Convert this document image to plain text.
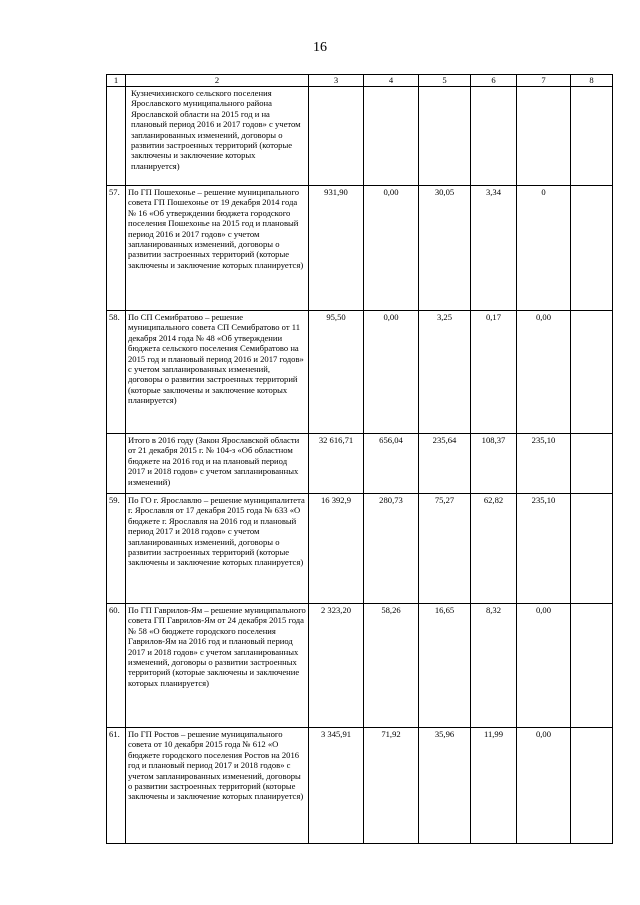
16
1	2	3	4	5	6	7	8
	Кузнечихинского сельского поселения Ярославского муниципального района Ярославской области на 2015 год и на плановый период 2016 и 2017 годов» с учетом запланированных изменений, договоры о развитии застроенных территорий (которые заключены и заключение которых планируется)						
57.	По ГП Пошехонье – решение муниципального совета ГП Пошехонье от 19 декабря 2014 года № 16 «Об утверждении бюджета городского поселения Пошехонье на 2015 год и плановый период 2016 и 2017 годов» с учетом запланированных изменений, договоры о развитии застроенных территорий (которые заключены и заключение которых планируется)	931,90	0,00	30,05	3,34	0	
58.	По СП Семибратово – решение муниципального совета СП Семибратово от 11 декабря 2014 года № 48 «Об утверждении бюджета сельского поселения Семибратово на 2015 год и плановый период 2016 и 2017 годов» с учетом запланированных изменений, договоры о развитии застроенных территорий (которые заключены и заключение которых планируется)	95,50	0,00	3,25	0,17	0,00	
	Итого в 2016 году (Закон Ярославской области от 21 декабря 2015 г. № 104-з «Об областном бюджете на 2016 год и на плановый период 2017 и 2018 годов» с учетом запланированных изменений)	32 616,71	656,04	235,64	108,37	235,10	
59.	По ГО г. Ярославлю – решение муниципалитета г. Ярославля от 17 декабря 2015 года № 633 «О бюджете г. Ярославля на 2016 год и плановый период 2017 и 2018 годов» с учетом запланированных изменений, договоры о развитии застроенных территорий (которые заключены и заключение которых планируется)	16 392,9	280,73	75,27	62,82	235,10	
60.	По ГП Гаврилов-Ям – решение муниципального совета ГП Гаврилов-Ям от 24 декабря 2015 года № 58 «О бюджете городского поселения Гаврилов-Ям на 2016 год и плановый период 2017 и 2018 годов» с учетом запланированных изменений, договоры о развитии застроенных территорий (которые заключены и заключение которых планируется)	2 323,20	58,26	16,65	8,32	0,00	
61.	По ГП Ростов – решение муниципального совета от 10 декабря 2015 года № 612 «О бюджете городского поселения Ростов на 2016 год и плановый период 2017 и 2018 годов» с учетом запланированных изменений, договоры о развитии застроенных территорий (которые заключены и заключение которых планируется)	3 345,91	71,92	35,96	11,99	0,00	
